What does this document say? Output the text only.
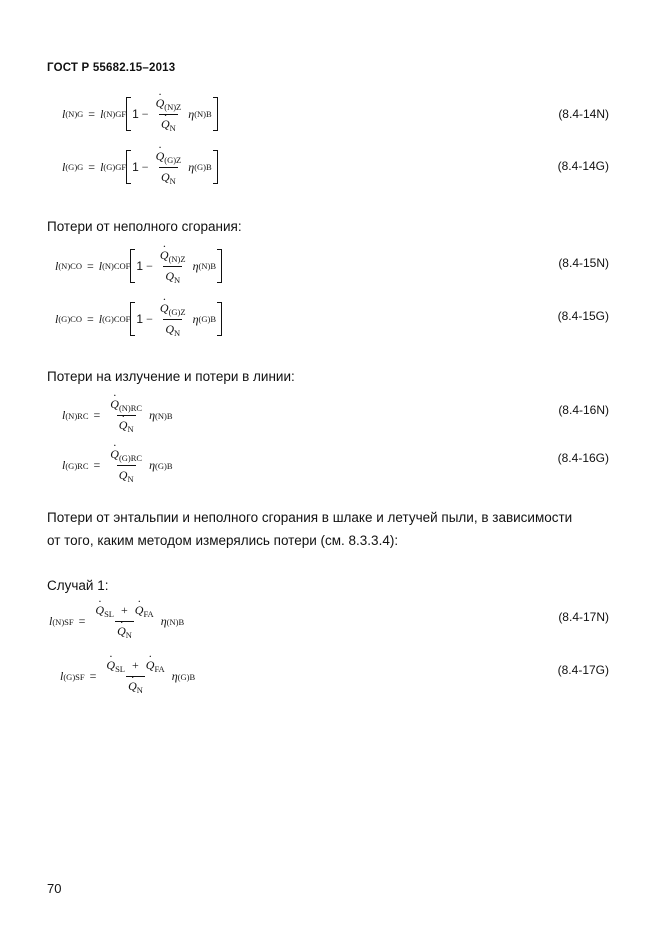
ГОСТ Р 55682.15–2013
l (N)G = l (N)GF 1 − · $Q_{(N)Z}$
· $Q_N$ η (N)B	(8.4-14N)
l (G)G = l (G)GF 1 − · $\frac{Q_{(G)Z}}{Q_N}$ η (G)B	(8.4-14G)
Потери от неполного сгорания:
l (N)CO = l (N)COF 1 − · $\frac{Q_{(N)Z}}{Q_N}$ η (N)B	(8.4-15N)
l (G)CO = l (G)COF 1 − · $\frac{Q_{(G)Z}}{Q_N}$ η (G)B	(8.4-15G)
Потери на излучение и потери в линии:
l (N)RC = · $Q_{(N)RC}$
· $Q_N$ η (N)B	(8.4-16N)
l (G)RC = · $\frac{Q_{(G)RC}}{Q_N}$ η (G)B
(8.4-16G)
Потери от энтальпии и неполного сгорания в шлаке и летучей пыли, в зависимости
от того, каким методом измерялись потери (см. 8.3.3.4):
Случай 1:
l (N)SF = · $Q_{SL}$ + · $Q_{FA}$
· $Q_N$ η (N)B	(8.4-17N)
l (G)SF = · $Q_{SL}$ + · $Q_{FA}$
· $Q_N$ η (G)B	(8.4-17G)
70
